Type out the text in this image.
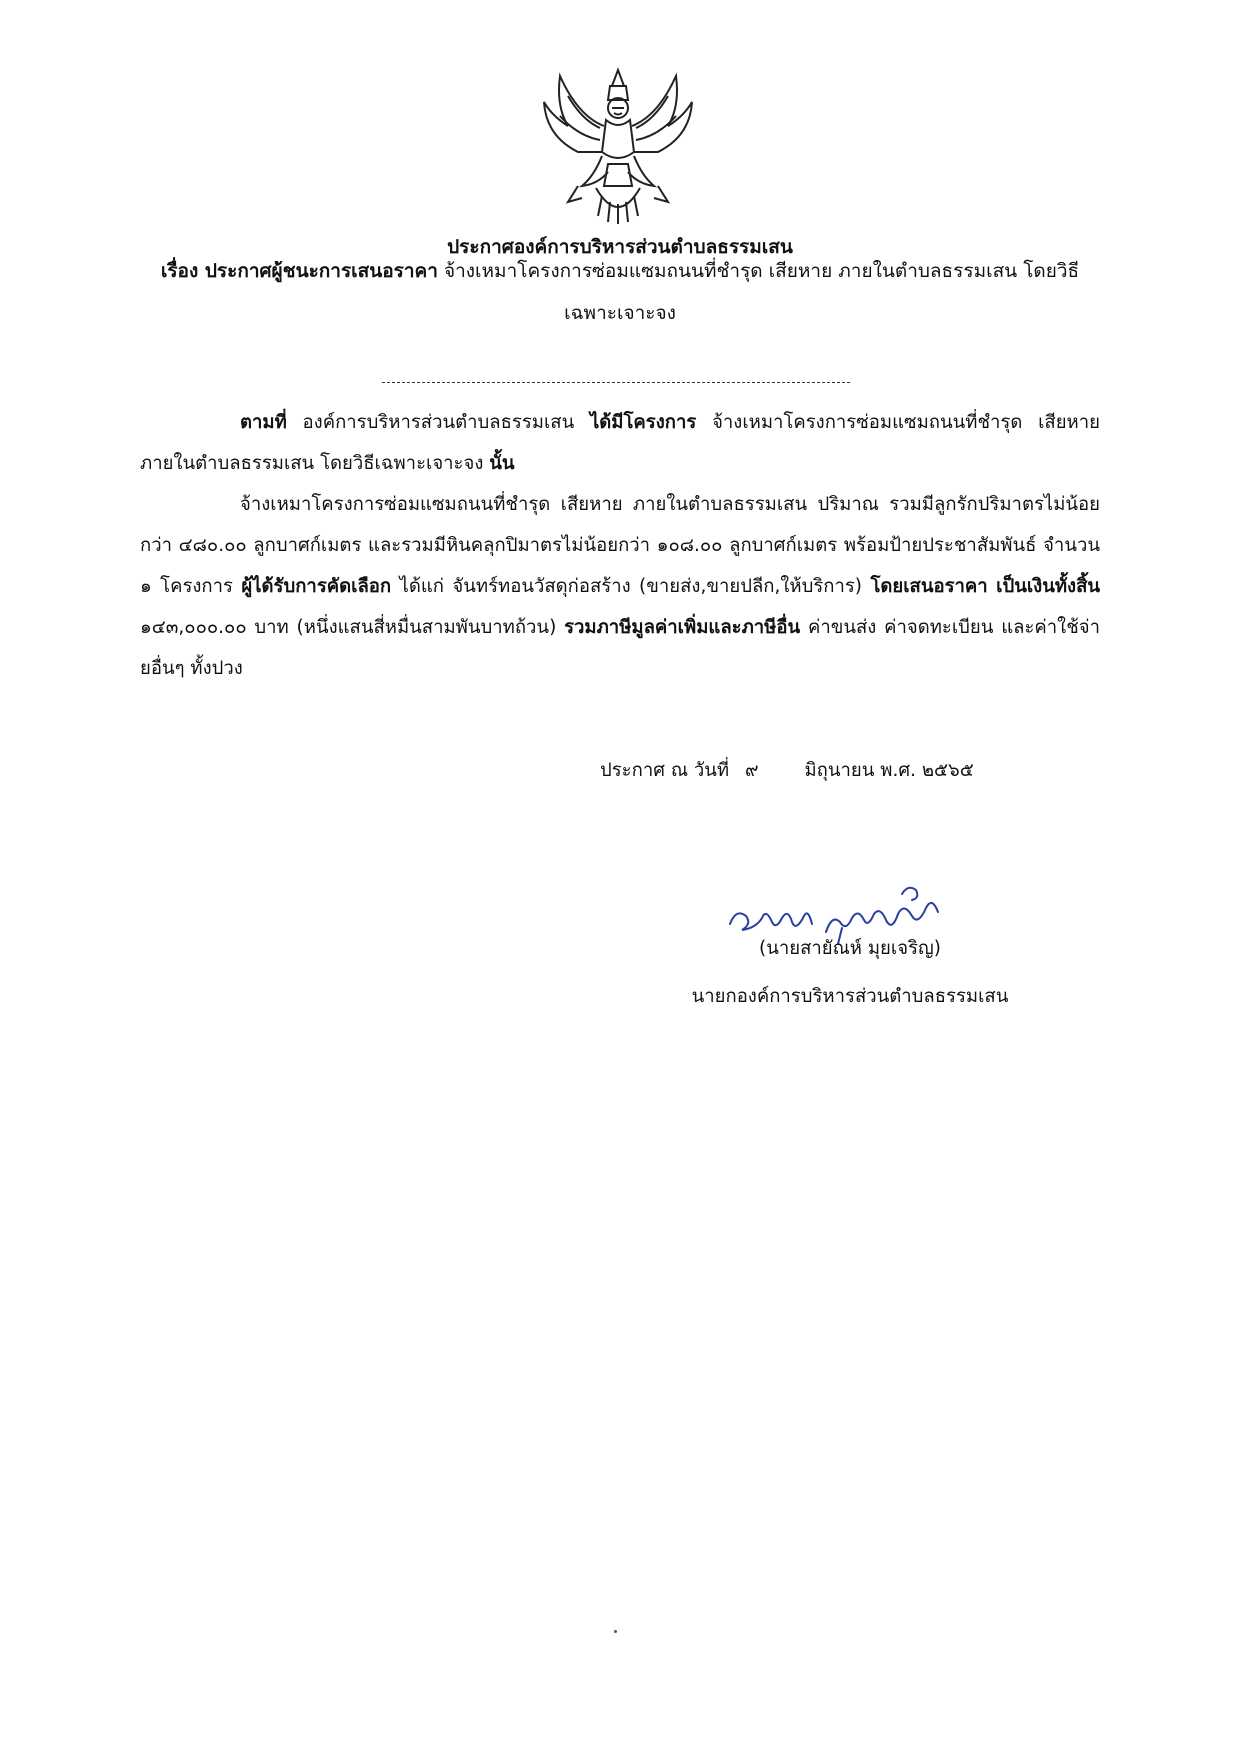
ประกาศองค์การบริหารส่วนตำบลธรรมเสน
เรื่อง ประกาศผู้ชนะการเสนอราคา จ้างเหมาโครงการซ่อมแซมถนนที่ชำรุด เสียหาย ภายในตำบลธรรมเสน โดยวิธีเฉพาะเจาะจง
ตามที่ องค์การบริหารส่วนตำบลธรรมเสน ได้มีโครงการ จ้างเหมาโครงการซ่อมแซมถนนที่ชำรุด เสียหาย ภายในตำบลธรรมเสน โดยวิธีเฉพาะเจาะจง นั้น
จ้างเหมาโครงการซ่อมแซมถนนที่ชำรุด เสียหาย ภายในตำบลธรรมเสน ปริมาณ รวมมีลูกรักปริมาตรไม่น้อยกว่า ๔๘๐.๐๐ ลูกบาศก์เมตร และรวมมีหินคลุกปิมาตรไม่น้อยกว่า ๑๐๘.๐๐ ลูกบาศก์เมตร พร้อมป้ายประชาสัมพันธ์ จำนวน ๑ โครงการ ผู้ได้รับการคัดเลือก ได้แก่ จันทร์ทอนวัสดุก่อสร้าง (ขายส่ง,ขายปลีก,ให้บริการ) โดยเสนอราคา เป็นเงินทั้งสิ้น ๑๔๓,๐๐๐.๐๐ บาท (หนึ่งแสนสี่หมื่นสามพันบาทถ้วน) รวมภาษีมูลค่าเพิ่มและภาษีอื่น ค่าขนส่ง ค่าจดทะเบียน และค่าใช้จ่ายอื่นๆ ทั้งปวง
ประกาศ ณ วันที่ ๙ มิถุนายน พ.ศ. ๒๕๖๕
(นายสายัณห์ มุยเจริญ)
นายกองค์การบริหารส่วนตำบลธรรมเสน
